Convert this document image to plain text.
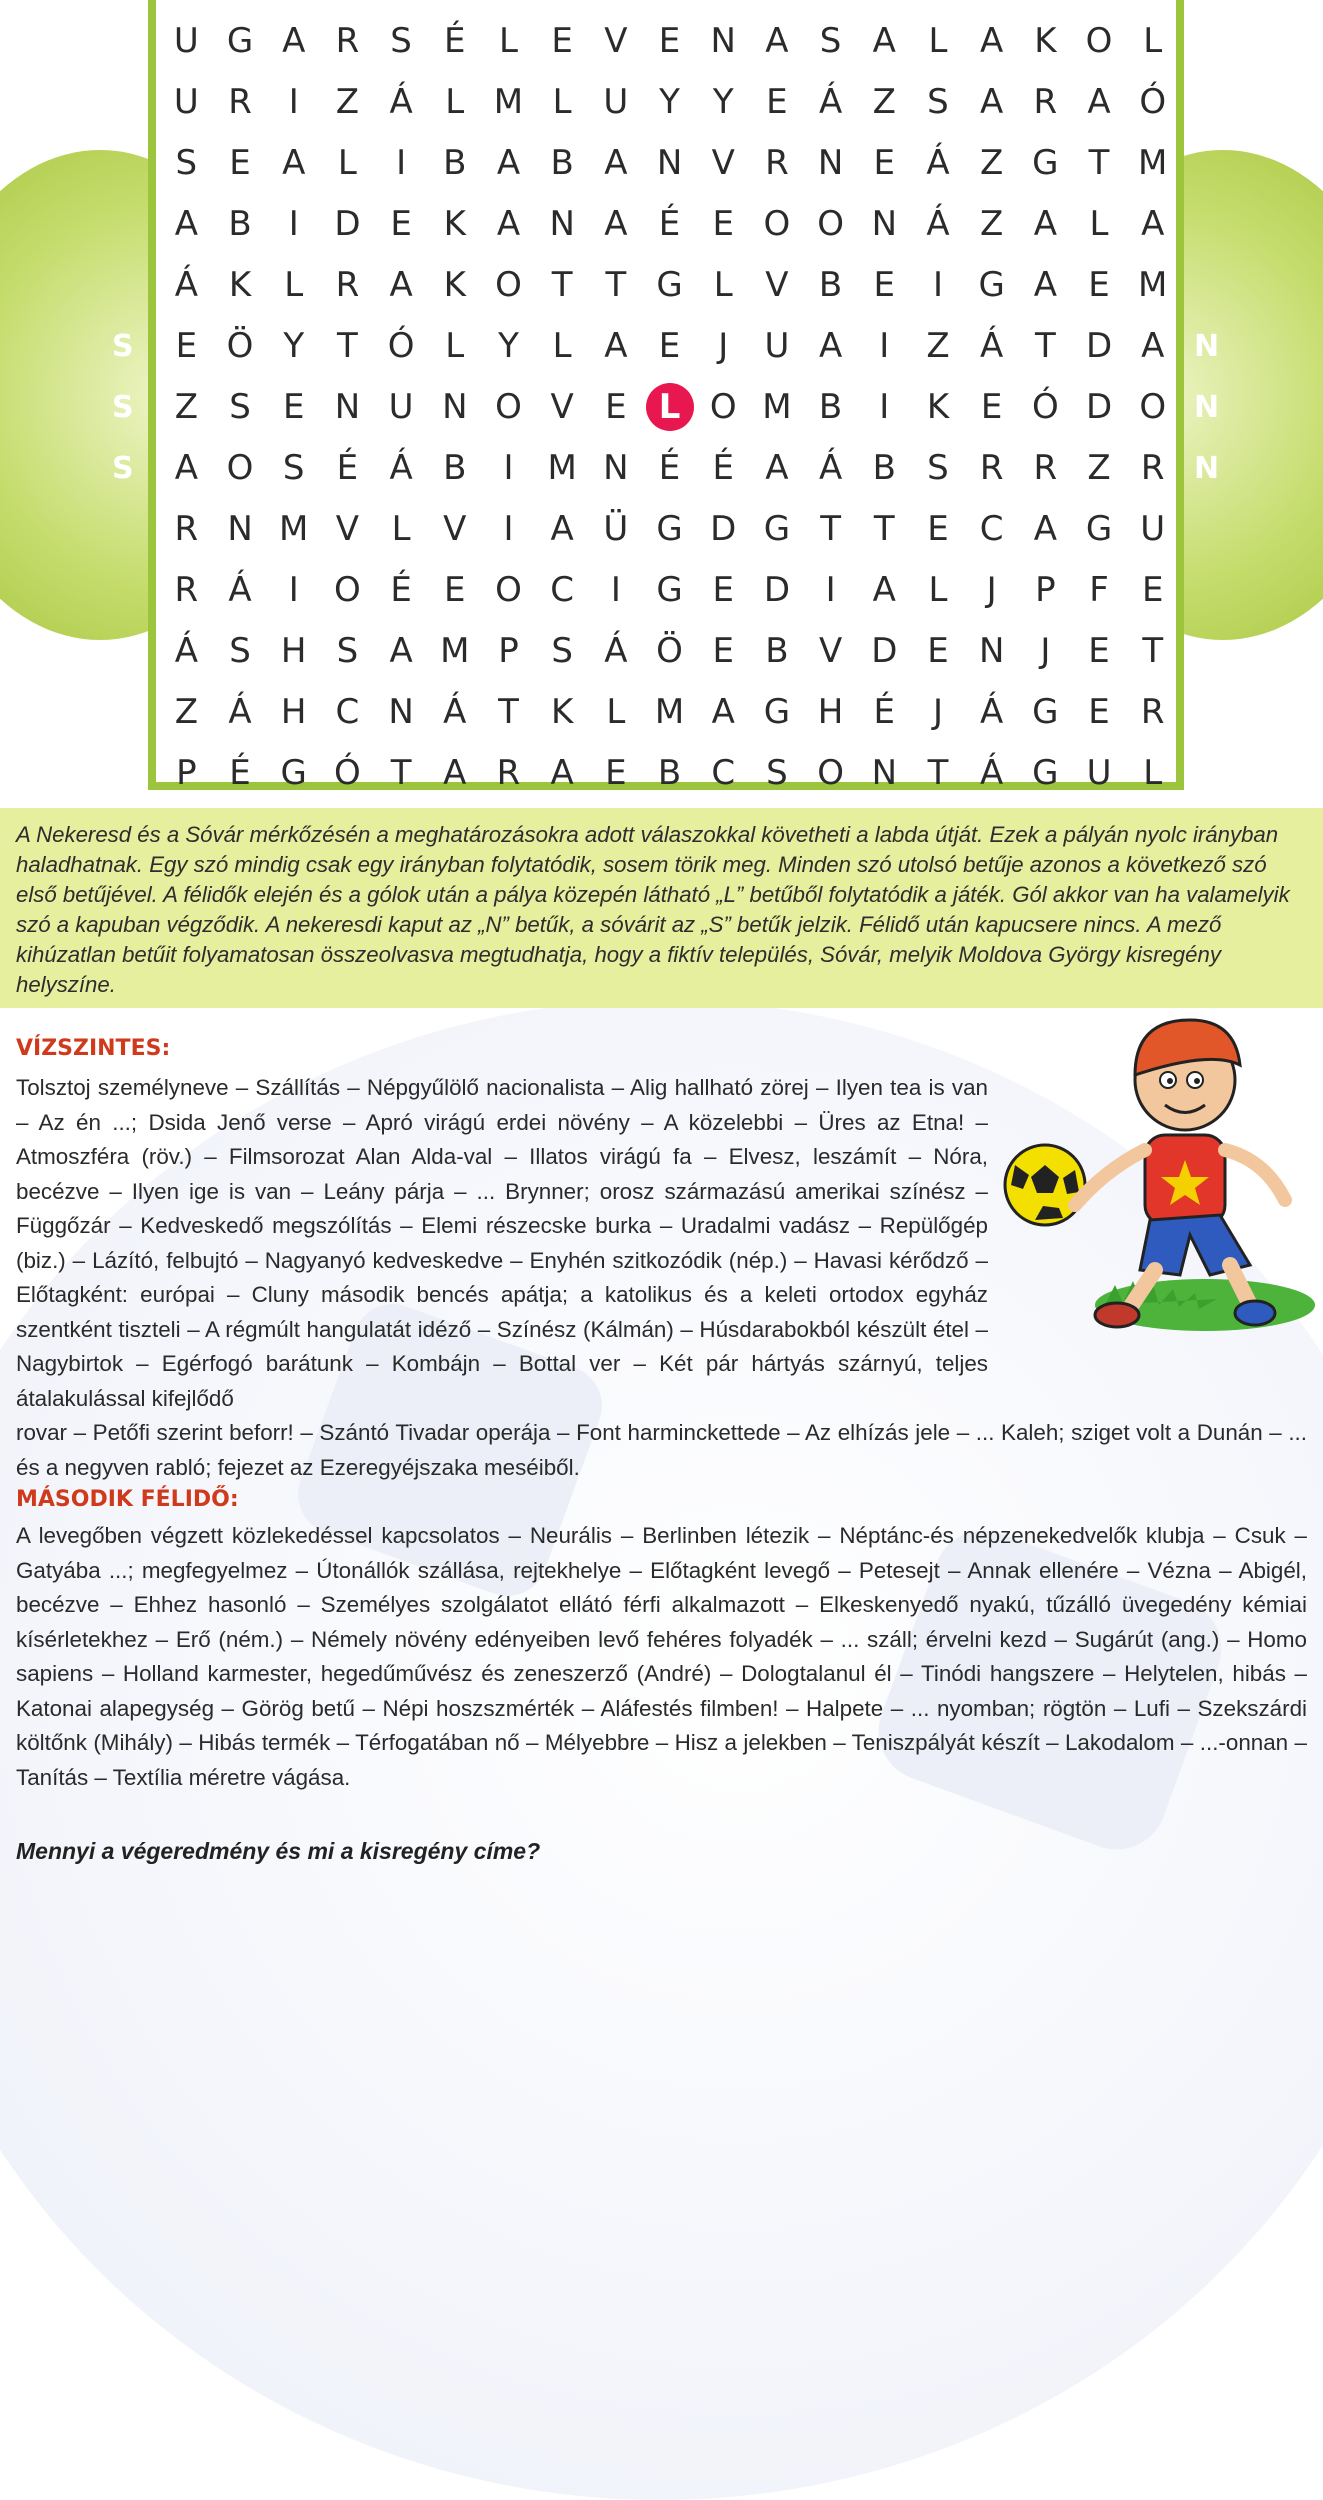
U G A R S É L E V E N A S A L A K O L
U R	I	Z Á L M L U Y Y E Á Z S A R A Ó
S E A L	I	B A B A N V R N E Á Z G T M
A B	I	D E K A N A É E O O N Á Z A L A
Á K L R A K O T T G L V B E	I	G A E M
E Ö Y T Ó L Y L A E	J	U A	I	Z Á T D A
Z S E N U N O V E L O M B	I	K E Ó D O
A O S É Á B	I M N É É A Á B S R R Z R
R N M V L V	I	A Ü G D G T T E C A G U
R Á	I	O É E O C	I	G E D	I	A L	J	P F E
Á S H S A M P S Á Ö E B V D E N	J	E T
Z Á H C N Á T K L M A G H É	J	Á G E R
P É G Ó T A R A E B C S O N T Á G U L
S
S
S
N
N
N
A Nekeresd és a Sóvár mérkőzésén a meghatározásokra adott válaszokkal követheti a labda útját. Ezek a pályán nyolc irányban haladhatnak. Egy szó mindig csak egy irányban folytatódik, sosem törik meg. Minden szó utolsó betűje azonos a következő szó első betűjével. A félidők elején és a gólok után a pálya közepén látható „L” betűből folytatódik a játék. Gól akkor van ha valamelyik szó a kapuban végződik. A nekeresdi kaput az „N” betűk, a sóvárit az „S” betűk jelzik. Félidő után kapucsere nincs. A mező kihúzatlan betűit folyamatosan összeolvasva megtudhatja, hogy a fiktív település, Sóvár, melyik Moldova György kisregény helyszíne.
VÍZSZINTES:
Tolsztoj személyneve – Szállítás – Népgyűlölő nacionalista – Alig hallható zörej – Ilyen tea is van – Az én ...; Dsida Jenő verse – Apró virágú erdei növény – A közelebbi – Üres az Etna! – Atmoszféra (röv.) – Filmsorozat Alan Alda-val – Illatos virágú fa – Elvesz, leszámít – Nóra, becézve – Ilyen ige is van – Leány párja – ... Brynner; orosz származású amerikai színész – Függőzár – Kedveskedő megszólítás – Elemi részecske burka – Uradalmi vadász – Repülőgép (biz.) – Lázító, felbujtó – Nagyanyó kedveskedve – Enyhén szitkozódik (nép.) – Havasi kérődző – Előtagként: európai – Cluny második bencés apátja; a katolikus és a keleti ortodox egyház szentként tiszteli – A régmúlt hangulatát idéző – Színész (Kálmán) – Húsdarabokból készült étel – Nagybirtok – Egérfogó barátunk – Kombájn – Bottal ver – Két pár hártyás szárnyú, teljes átalakulással kifejlődő
rovar – Petőfi szerint beforr! – Szántó Tivadar operája – Font harminckettede – Az elhízás jele – ... Kaleh; sziget volt a Dunán – ... és a negyven rabló; fejezet az Ezeregyéjszaka meséiből.
MÁSODIK FÉLIDŐ:
A levegőben végzett közlekedéssel kapcsolatos – Neurális – Berlinben létezik – Néptánc-és népzenekedvelők klubja – Csuk – Gatyába ...; megfegyelmez – Útonállók szállása, rejtekhelye – Előtagként levegő – Petesejt – Annak ellenére – Vézna – Abigél, becézve – Ehhez hasonló – Személyes szolgálatot ellátó férfi alkalmazott – Elkeskenyedő nyakú, tűzálló üvegedény kémiai kísérletekhez – Erő (ném.) – Némely növény edényeiben levő fehéres folyadék – ... száll; érvelni kezd – Sugárút (ang.) – Homo sapiens – Holland karmester, hegedűművész és zeneszerző (André) – Dologtalanul él – Tinódi hangszere – Helytelen, hibás – Katonai alapegység – Görög betű – Népi hoszszmérték – Aláfestés filmben! – Halpete – ... nyomban; rögtön – Lufi – Szekszárdi költőnk (Mihály) – Hibás termék – Térfogatában nő – Mélyebbre – Hisz a jelekben – Teniszpályát készít – Lakodalom – ...-onnan – Tanítás – Textília méretre vágása.
Mennyi a végeredmény és mi a kisregény címe?
